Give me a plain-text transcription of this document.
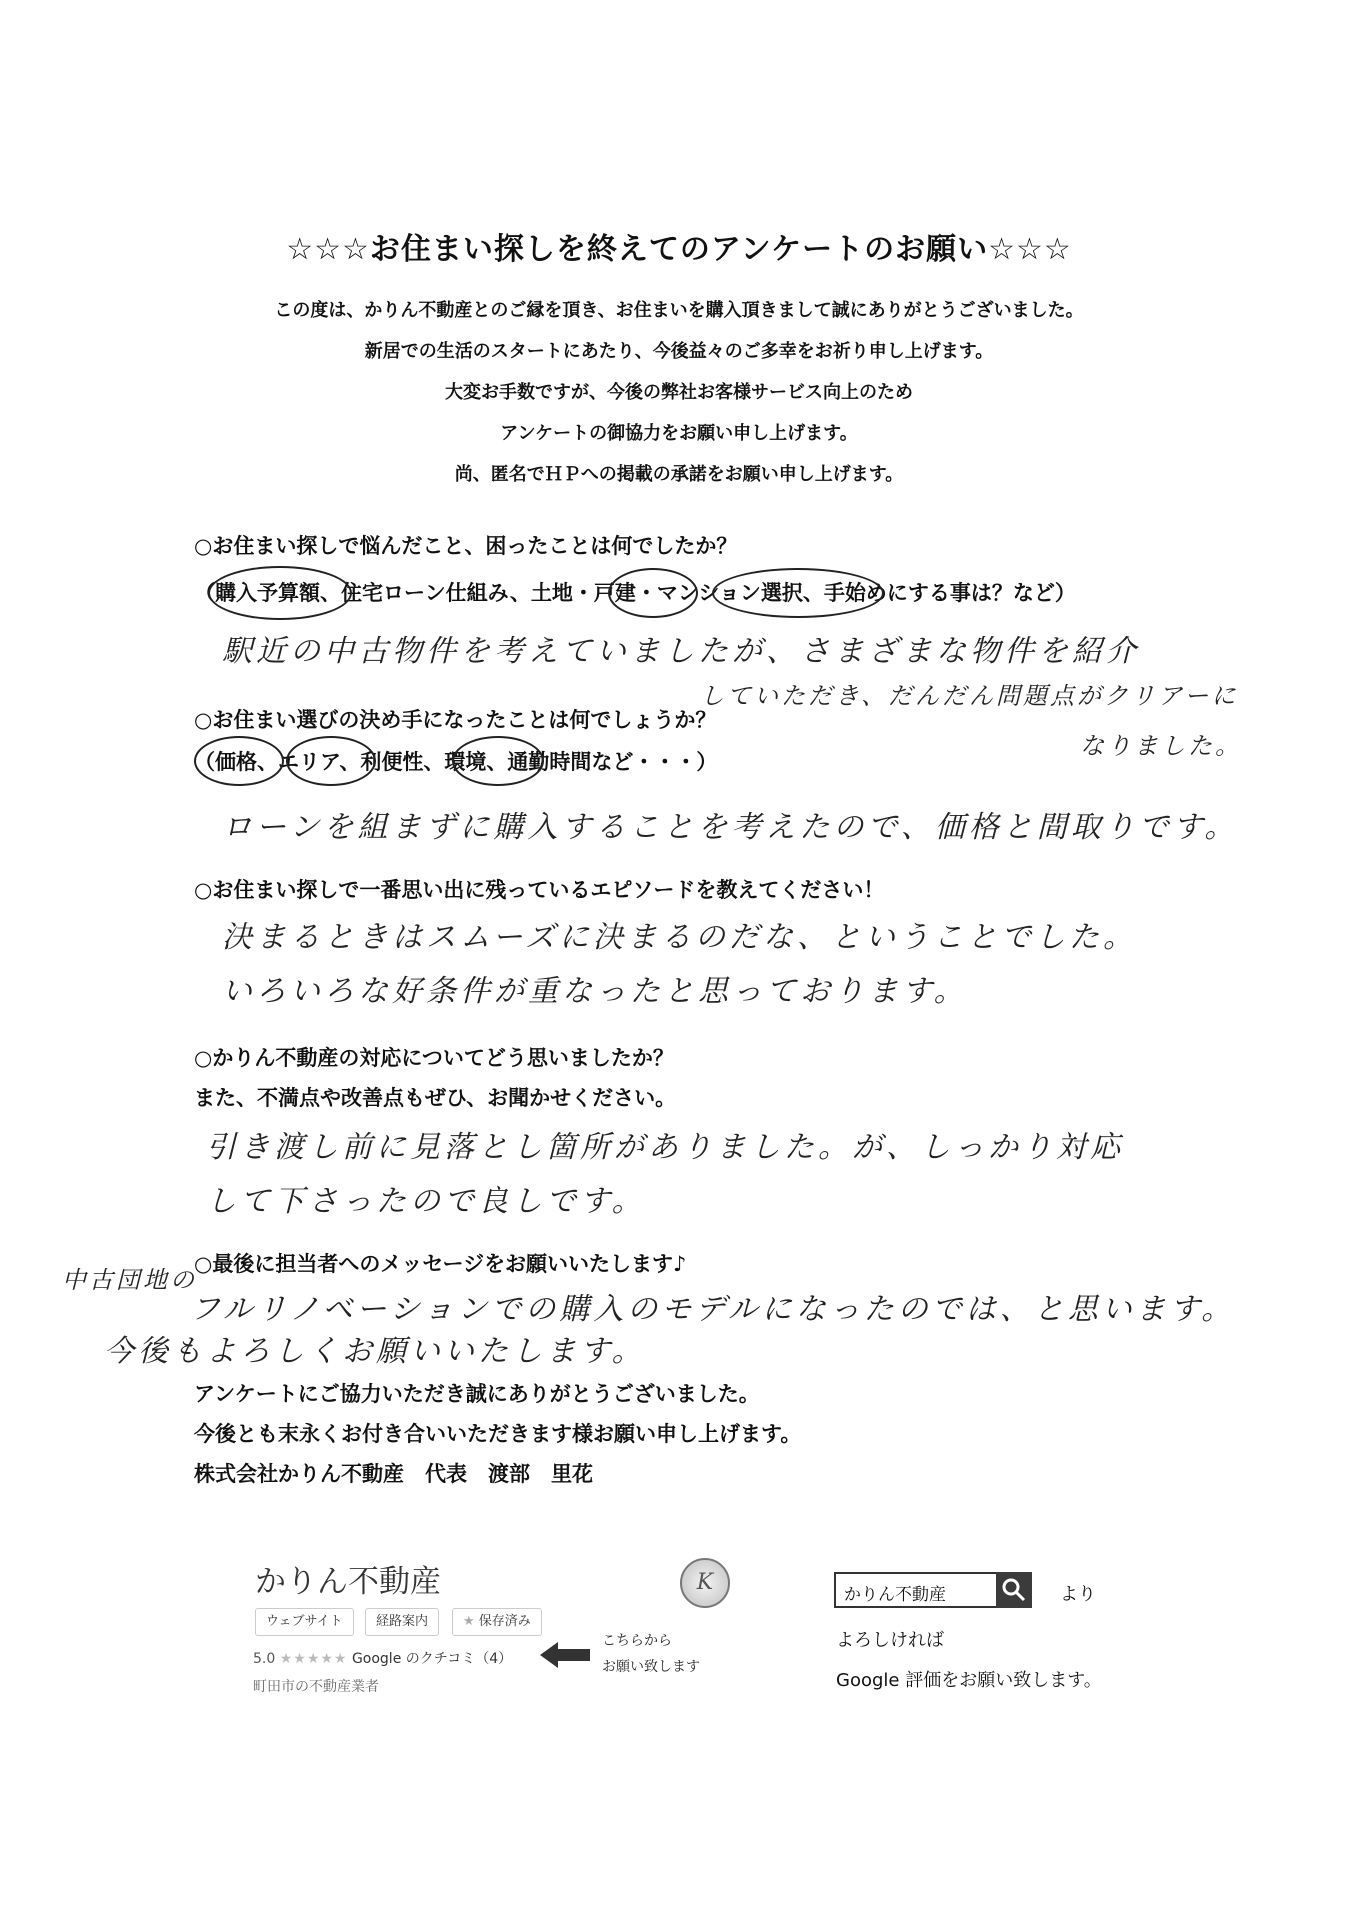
☆☆☆お住まい探しを終えてのアンケートのお願い☆☆☆
この度は、かりん不動産とのご縁を頂き、お住まいを購入頂きまして誠にありがとうございました。
新居での生活のスタートにあたり、今後益々のご多幸をお祈り申し上げます。
大変お手数ですが、今後の弊社お客様サービス向上のため
アンケートの御協力をお願い申し上げます。
尚、匿名でＨＰへの掲載の承諾をお願い申し上げます。
○お住まい探しで悩んだこと、困ったことは何でしたか？
（購入予算額、住宅ローン仕組み、土地・戸建・マンション選択、手始めにする事は？など）
駅近の中古物件を考えていましたが、さまざまな物件を紹介
していただき、だんだん問題点がクリアーに
なりました。
○お住まい選びの決め手になったことは何でしょうか？
（価格、エリア、利便性、環境、通勤時間など・・・）
ローンを組まずに購入することを考えたので、価格と間取りです。
○お住まい探しで一番思い出に残っているエピソードを教えてください！
決まるときはスムーズに決まるのだな、ということでした。
いろいろな好条件が重なったと思っております。
○かりん不動産の対応についてどう思いましたか？
また、不満点や改善点もぜひ、お聞かせください。
引き渡し前に見落とし箇所がありました。が、しっかり対応
して下さったので良しです。
○最後に担当者へのメッセージをお願いいたします♪
中古団地の
フルリノベーションでの購入のモデルになったのでは、と思います。
今後もよろしくお願いいたします。
アンケートにご協力いただき誠にありがとうございました。
今後とも末永くお付き合いいただきます様お願い申し上げます。
株式会社かりん不動産　代表　渡部　里花
かりん不動産	K
ウェブサイト	経路案内	★ 保存済み
5.0 ★★★★★ Google のクチコミ（4）
町田市の不動産業者
こちらから
お願い致します
かりん不動産	より
よろしければ
Google 評価をお願い致します。
